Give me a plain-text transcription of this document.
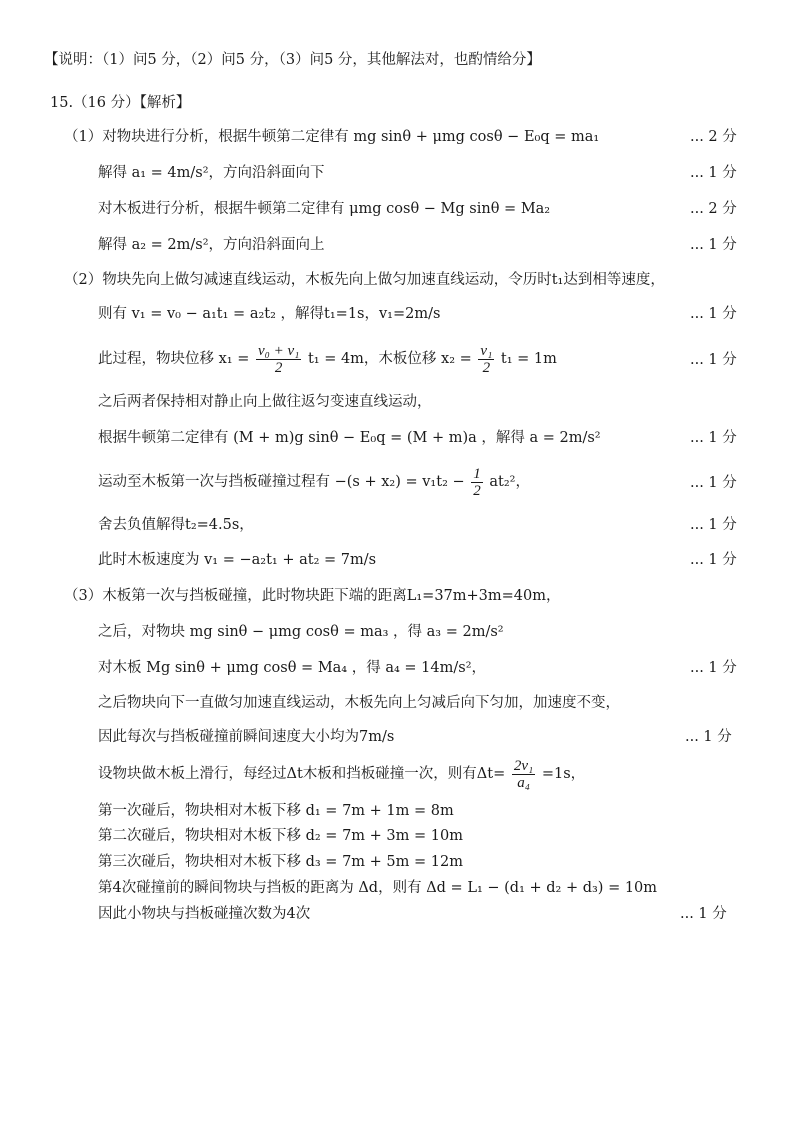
【说明：（1）问5 分，（2）问5 分，（3）问5 分，其他解法对，也酌情给分】
15.（16 分）【解析】
（1）对物块进行分析，根据牛顿第二定律有 mg sinθ + μmg cosθ − E₀q = ma₁	... 2 分
解得 a₁ = 4m/s²，方向沿斜面向下	... 1 分
对木板进行分析，根据牛顿第二定律有 μmg cosθ − Mg sinθ = Ma₂	... 2 分
解得 a₂ = 2m/s²，方向沿斜面向上	... 1 分
（2）物块先向上做匀减速直线运动，木板先向上做匀加速直线运动，令历时t₁达到相等速度，
则有 v₁ = v₀ − a₁t₁ = a₂t₂ ，解得t₁=1s，v₁=2m/s	... 1 分
此过程，物块位移 $x_1 = \frac{\text{v₀ + v₁}}{2} t_1 = 4m$，木板位移 $x_2 = \frac{\text{v₁}}{2} t_1 = 1m$	... 1 分
之后两者保持相对静止向上做往返匀变速直线运动，
根据牛顿第二定律有 (M + m)g sinθ − E₀q = (M + m)a ，解得 a = 2m/s²	... 1 分
运动至木板第一次与挡板碰撞过程有 $-(s + x_2) = v_1t_2 - \frac{1}{2} at_2^2$，	... 1 分
舍去负值解得t₂=4.5s，	... 1 分
此时木板速度为 v₁ = −a₂t₁ + at₂ = 7m/s	... 1 分
（3）木板第一次与挡板碰撞，此时物块距下端的距离L₁=37m+3m=40m，
之后，对物块 mg sinθ − μmg cosθ = ma₃ ，得 a₃ = 2m/s²
对木板 Mg sinθ + μmg cosθ = Ma₄ ，得 a₄ = 14m/s²，	... 1 分
之后物块向下一直做匀加速直线运动，木板先向上匀减后向下匀加，加速度不变，
因此每次与挡板碰撞前瞬间速度大小均为7m/s	... 1 分
设物块做木板上滑行，每经过Δt木板和挡板碰撞一次，则有$\Delta t= \frac{\text{2v₁}}{\text{a₄}} =1s$，
第一次碰后，物块相对木板下移 d₁ = 7m + 1m = 8m
第二次碰后，物块相对木板下移 d₂ = 7m + 3m = 10m
第三次碰后，物块相对木板下移 d₃ = 7m + 5m = 12m
第4次碰撞前的瞬间物块与挡板的距离为 Δd，则有 Δd = L₁ − (d₁ + d₂ + d₃) = 10m
因此小物块与挡板碰撞次数为4次	... 1 分
